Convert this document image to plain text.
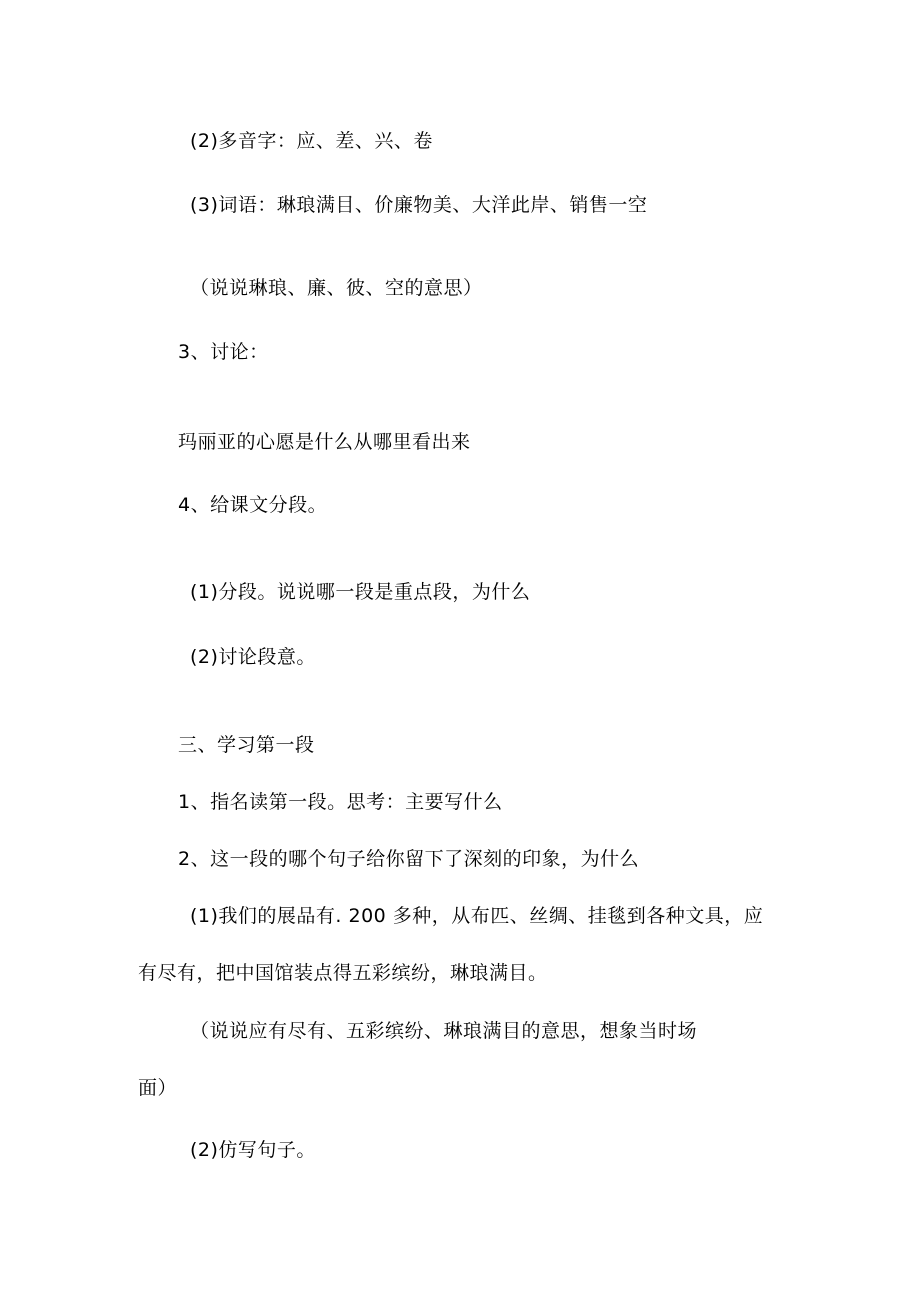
(2)多音字：应、差、兴、卷
(3)词语：琳琅满目、价廉物美、大洋此岸、销售一空
（说说琳琅、廉、彼、空的意思）
3、讨论：
玛丽亚的心愿是什么从哪里看出来
4、给课文分段。
(1)分段。说说哪一段是重点段，为什么
(2)讨论段意。
三、学习第一段
1、指名读第一段。思考：主要写什么
2、这一段的哪个句子给你留下了深刻的印象，为什么
(1)我们的展品有. 200 多种，从布匹、丝绸、挂毯到各种文具，应
有尽有，把中国馆装点得五彩缤纷，琳琅满目。
（说说应有尽有、五彩缤纷、琳琅满目的意思，想象当时场
面）
(2)仿写句子。
